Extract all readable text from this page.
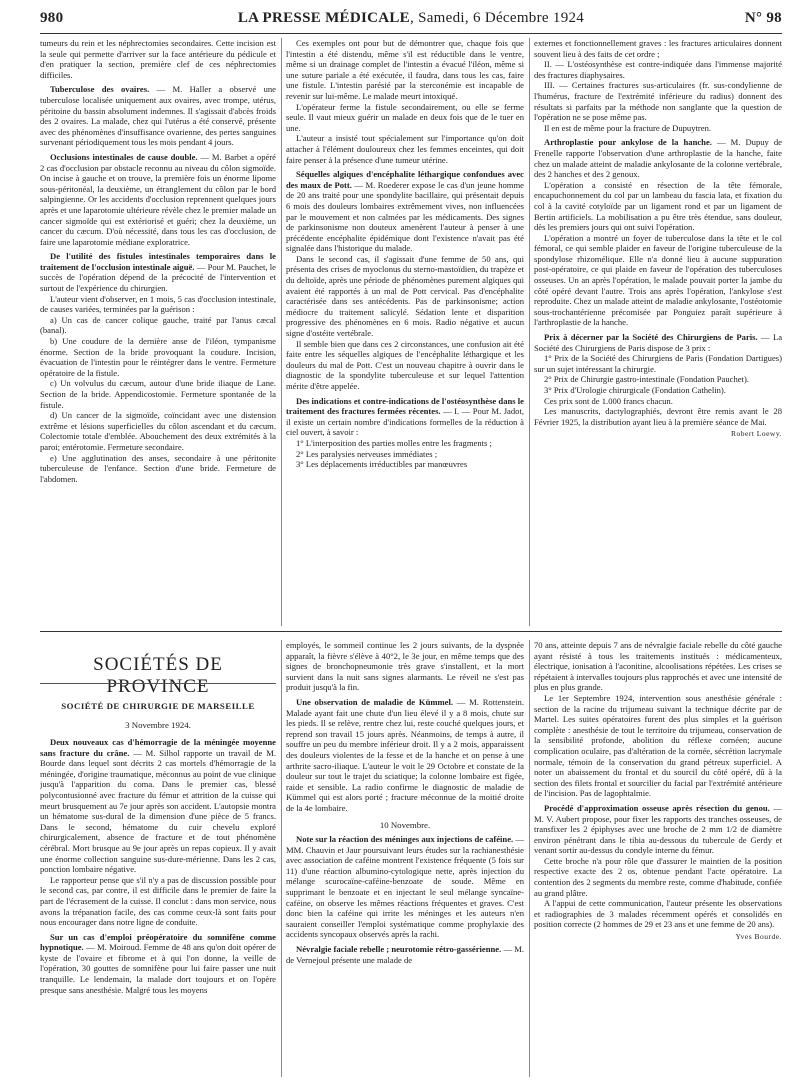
980	LA PRESSE MÉDICALE, Samedi, 6 Décembre 1924	N° 98

tumeurs du rein et les néphrectomies secondaires. Cette incision est la seule qui permette d'arriver sur la face antérieure du pédicule et d'en pratiquer la section, première clef de ces néphrectomies difficiles.

Tuberculose des ovaires. — M. Haller a observé une tuberculose localisée uniquement aux ovaires, avec trompe, utérus, péritoine du bassin absolument indemnes. Il s'agissait d'abcès froids des 2 ovaires. La malade, chez qui l'utérus a été conservé, présente avec des phénomènes d'insuffisance ovarienne, des pertes sanguines survenant périodiquement tous les mois pendant 4 jours.

Occlusions intestinales de cause double. — M. Barbet a opéré 2 cas d'occlusion par obstacle reconnu au niveau du côlon sigmoïde. On incise à gauche et on trouve, la première fois un énorme lipome sous-péritonéal, la deuxième, un étranglement du côlon par le bord salpingienne. Or les accidents d'occlusion reprennent quelques jours après et une laparotomie ultérieure révèle chez le premier malade un cancer sigmoïde qui est extériorisé et guéri; chez la deuxième, un cancer du cæcum. D'où nécessité, dans tous les cas d'occlusion, de faire une laparotomie médiane exploratrice.

De l'utilité des fistules intestinales temporaires dans le traitement de l'occlusion intestinale aiguë. — Pour M. Pauchet, le succès de l'opération dépend de la précocité de l'intervention et surtout de l'expérience du chirurgien.

L'auteur vient d'observer, en 1 mois, 5 cas d'occlusion intestinale, de causes variées, terminées par la guérison :

a) Un cas de cancer colique gauche, traité par l'anus cæcal (banal).

b) Une coudure de la dernière anse de l'iléon, tympanisme énorme. Section de la bride provoquant la coudure. Incision, évacuation de l'intestin pour le réintégrer dans le ventre. Fermeture opératoire de la fistule.

c) Un volvulus du cæcum, autour d'une bride iliaque de Lane. Section de la bride. Appendicostomie. Fermeture spontanée de la fistule.

d) Un cancer de la sigmoïde, coïncidant avec une distension extrême et lésions superficielles du côlon ascendant et du cæcum. Colectomie totale d'emblée. Abouchement des deux extrémités à la paroi; entérotomie. Fermeture secondaire.

e) Une agglutination des anses, secondaire à une péritonite tuberculeuse de l'enfance. Section d'une bride. Fermeture de l'abdomen.

Ces exemples ont pour but de démontrer que, chaque fois que l'intestin a été distendu, même s'il est réductible dans le ventre, même si un drainage complet de l'intestin a évacué l'iléon, même si une suture pariale a été exécutée, il faudra, dans tous les cas, faire une fistule. L'intestin parésié par la sterconémie est incapable de revenir sur lui-même. Le malade meurt intoxiqué.

L'opérateur ferme la fistule secondairement, ou elle se ferme seule. Il vaut mieux guérir un malade en deux fois que de le tuer en une.

L'auteur a insisté tout spécialement sur l'importance qu'on doit attacher à l'élément douloureux chez les femmes enceintes, qui doit faire penser à la présence d'une tumeur utérine.

Séquelles algiques d'encéphalite léthargique confondues avec des maux de Pott. — M. Roederer expose le cas d'un jeune homme de 20 ans traité pour une spondylite bacillaire, qui présentait depuis 6 mois des douleurs lombaires extrêmement vives, non influencées par le mouvement et non calmées par les médicaments. Des signes de parkinsonisme non douteux amenèrent l'auteur à penser à une précédente encéphalite épidémique dont l'existence n'avait pas été signalée dans l'historique du malade.

Dans le second cas, il s'agissait d'une femme de 50 ans, qui présenta des crises de myoclonus du sterno-mastoïdien, du trapèze et du deltoïde, après une période de phénomènes purement algiques qui avaient été rapportés à un mal de Pott cervical. Pas d'encéphalite caractérisée dans ses antécédents. Pas de parkinsonisme; action médiocre du traitement salicylé. Sédation lente et disparition progressive des phénomènes en 6 mois. Radio négative et aucun signe d'ostéite vertébrale.

Il semble bien que dans ces 2 circonstances, une confusion ait été faite entre les séquelles algiques de l'encéphalite léthargique et les douleurs du mal de Pott. C'est un nouveau chapitre à ouvrir dans le diagnostic de la spondylite tuberculeuse et sur lequel l'attention mérite d'être appelée.

Des indications et contre-indications de l'ostéosynthèse dans le traitement des fractures fermées récentes. — I. — Pour M. Jadot, il existe un certain nombre d'indications formelles de la réduction à ciel ouvert, à savoir :

1° L'interposition des parties molles entre les fragments ;

2° Les paralysies nerveuses immédiates ;

3° Les déplacements irréductibles par manœuvres

externes et fonctionnellement graves : les fractures articulaires donnent souvent lieu à des faits de cet ordre ;

II. — L'ostéosynthèse est contre-indiquée dans l'immense majorité des fractures diaphysaires.

III. — Certaines fractures sus-articulaires (fr. sus-condylienne de l'humérus, fracture de l'extrémité inférieure du radius) donnent des résultats si parfaits par la méthode non sanglante que la question de l'opération ne se pose même pas.

Il en est de même pour la fracture de Dupuytren.

Arthroplastie pour ankylose de la hanche. — M. Dupuy de Frenelle rapporte l'observation d'une arthroplastie de la hanche, faite chez un malade atteint de maladie ankylosante de la colonne vertébrale, des 2 hanches et des 2 genoux.

L'opération a consisté en résection de la tête fémorale, encapuchonnement du col par un lambeau du fascia lata, et fixation du col à la cavité cotyloïde par un ligament rond et par un ligament de Bertin artificiels. La mobilisation a pu être très étendue, sans douleur, dès les premiers jours qui ont suivi l'opération.

L'opération a montré un foyer de tuberculose dans la tête et le col fémoral, ce qui semble plaider en faveur de l'origine tuberculeuse de la spondylose rhizomélique. Elle n'a donné lieu à aucune suppuration post-opératoire, ce qui plaide en faveur de l'opération des tuberculoses osseuses. Un an après l'opération, le malade pouvait porter la jambe du côté opéré devant l'autre. Trois ans après l'opération, l'ankylose s'est reproduite. Chez un malade atteint de maladie ankylosante, l'ostéotomie sous-trochantérienne précomisée par Ponguiez paraît supérieure à l'arthroplastie de la hanche.

Prix à décerner par la Société des Chirurgiens de Paris. — La Société des Chirurgiens de Paris dispose de 3 prix :

1° Prix de la Société des Chirurgiens de Paris (Fondation Dartigues) sur un sujet intéressant la chirurgie.

2° Prix de Chirurgie gastro-intestinale (Fondation Pauchet).

3° Prix d'Urologie chirurgicale (Fondation Cathelin).

Ces prix sont de 1.000 francs chacun.

Les manuscrits, dactylographiés, devront être remis avant le 28 Février 1925, la distribution ayant lieu à la première séance de Mai.

Robert Loewy.
SOCIÉTÉS DE PROVINCE
SOCIÉTÉ DE CHIRURGIE DE MARSEILLE
3 Novembre 1924.

Deux nouveaux cas d'hémorragie de la méningée moyenne sans fracture du crâne. — M. Silhol rapporte un travail de M. Bourde dans lequel sont décrits 2 cas mortels d'hémorragie de la méningée, d'origine traumatique, méconnus au point de vue clinique jusqu'à l'apparition du coma. Dans le premier cas, blessé polycontusionné avec fracture du fémur et attrition de la cuisse qui meurt brusquement au 7e jour après son accident. L'autopsie montra un hématome sus-dural de la dimension d'une pièce de 5 francs. Dans le second, hématome du cuir chevelu exploré chirurgicalement, absence de fracture et de tout phénomène cérébral. Mort brusque au 9e jour après un repas copieux. Il y avait une énorme collection sanguine sus-dure-mérienne. Dans les 2 cas, ponction lombaire négative.

Le rapporteur pense que s'il n'y a pas de discussion possible pour le second cas, par contre, il est difficile dans le premier de faire la part de l'écrasement de la cuisse. Il conclut : dans mon service, nous avons la trépanation facile, des cas comme ceux-là sont faits pour nous encourager dans notre ligne de conduite.

Sur un cas d'emploi préopératoire du somnifène comme hypnotique. — M. Moiroud. Femme de 48 ans qu'on doit opérer de kyste de l'ovaire et fibrome et à qui l'on donne, la veille de l'opération, 30 gouttes de somnifène pour lui faire passer une nuit tranquille. Le lendemain, la malade dort toujours et on l'opère presque sans anesthésie. Malgré tous les moyens

employés, le sommeil continue les 2 jours suivants, de la dyspnée apparaît, la fièvre s'élève à 40°2, le 3e jour, en même temps que des signes de bronchopneumonie très grave s'installent, et la mort survient dans la nuit sans signes alarmants. Le réveil ne s'est pas produit jusqu'à la fin.

Une observation de maladie de Kümmel. — M. Rottenstein. Malade ayant fait une chute d'un lieu élevé il y a 8 mois, chute sur les pieds. Il se relève, rentre chez lui, reste couché quelques jours, et reprend son travail 15 jours après. Néanmoins, de temps à autre, il souffre un peu du membre inférieur droit. Il y a 2 mois, apparaissent des douleurs violentes de la fesse et de la hanche et on pense à une arthrite sacro-iliaque. L'auteur le voit le 29 Octobre et constate de la douleur sur tout le trajet du sciatique; la colonne lombaire est figée, raide et sensible. La radio confirme le diagnostic de maladie de Kümmel qui est alors porté ; fracture méconnue de la moitié droite de la 4e lombaire.

10 Novembre.

Note sur la réaction des méninges aux injections de caféine. — MM. Chauvin et Jaur poursuivant leurs études sur la rachianesthésie avec association de caféine montrent l'existence fréquente (5 fois sur 11) d'une réaction albumino-cytologique nette, après injection du mélange scurocaïne-caféine-benzoate de soude. Même en supprimant le benzoate et en injectant le seul mélange syncaïne-caféine, on observe les mêmes réactions fréquentes et graves. C'est donc bien la caféine qui irrite les méninges et les auteurs n'en sauraient conseiller l'emploi systématique comme prophylaxie des accidents syncopaux observés après la rachi.

Névralgie faciale rebelle ; neurotomie rétro-gassérienne. — M. de Vernejoul présente une malade de

70 ans, atteinte depuis 7 ans de névralgie faciale rebelle du côté gauche ayant résisté à tous les traitements institués : médicamenteux, électrique, ionisation à l'aconitine, alcoolisations répétées. Les crises se répétaient à intervalles toujours plus rapprochés et avec une intensité de plus en plus grande.

Le 1er Septembre 1924, intervention sous anesthésie générale : section de la racine du trijumeau suivant la technique décrite par de Martel. Les suites opératoires furent des plus simples et la guérison complète : anesthésie de tout le territoire du trijumeau, conservation de la sensibilité profonde, abolition du réflexe cornéen; aucune complication oculaire, pas d'altération de la cornée, sécrétion lacrymale normale, témoin de la conservation du grand pétreux superficiel. A noter un abaissement du frontal et du sourcil du côté opéré, dû à la section des filets frontal et sourcilier du facial par l'extrémité antérieure de l'incision. Pas de lagophtalmie.

Procédé d'approximation osseuse après résection du genou. — M. V. Aubert propose, pour fixer les rapports des tranches osseuses, de transfixer les 2 épiphyses avec une broche de 2 mm 1/2 de diamètre environ pénétrant dans le tibia au-dessous du tubercule de Gerdy et venant sortir au-dessus du condyle interne du fémur.

Cette broche n'a pour rôle que d'assurer le maintien de la position respective exacte des 2 os, obtenue pendant l'acte opératoire. La contention des 2 segments du membre reste, comme d'habitude, confiée au grand plâtre.

A l'appui de cette communication, l'auteur présente les observations et radiographies de 3 malades récemment opérés et consolidés en position correcte (2 hommes de 29 et 23 ans et une femme de 20 ans).

Yves Bourde.
